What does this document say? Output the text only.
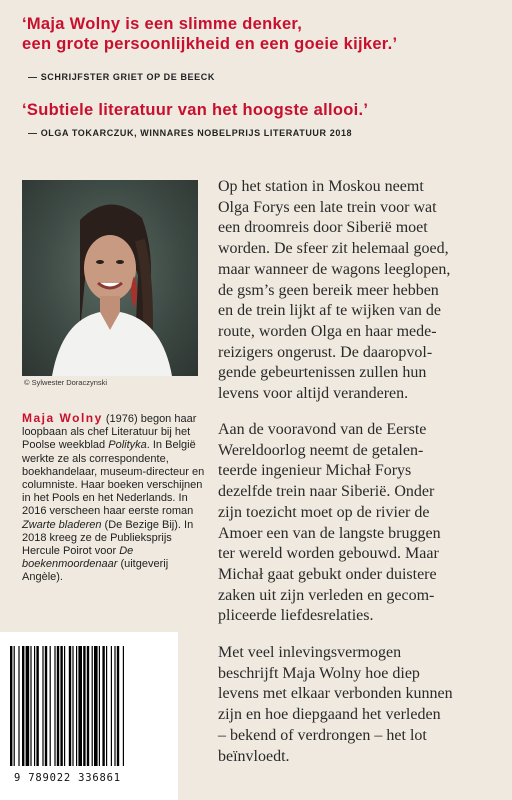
‘Maja Wolny is een slimme denker,
een grote persoonlijkheid en een goeie kijker.’
— SCHRIJFSTER GRIET OP DE BEECK
‘Subtiele literatuur van het hoogste allooi.’
— OLGA TOKARCZUK, WINNARES NOBELPRIJS LITERATUUR 2018
© Sylwester Doraczynski
Maja Wolny (1976) begon haar loopbaan als chef Literatuur bij het Poolse weekblad Polityka. In België werkte ze als correspondente, boekhandelaar, museum-directeur en columniste. Haar boeken verschijnen in het Pools en het Nederlands. In 2016 verscheen haar eerste roman Zwarte bladeren (De Bezige Bij). In 2018 kreeg ze de Publieksprijs Hercule Poirot voor De boekenmoordenaar (uitgeverij Angèle).
Op het station in Moskou neemt
Olga Forys een late trein voor wat
een droomreis door Siberië moet
worden. De sfeer zit helemaal goed,
maar wanneer de wagons leeglopen,
de gsm’s geen bereik meer hebben
en de trein lijkt af te wijken van de
route, worden Olga en haar mede-
reizigers ongerust. De daaropvol-
gende gebeurtenissen zullen hun
levens voor altijd veranderen.
Aan de vooravond van de Eerste
Wereldoorlog neemt de getalen-
teerde ingenieur Michał Forys
dezelfde trein naar Siberië. Onder
zijn toezicht moet op de rivier de
Amoer een van de langste bruggen
ter wereld worden gebouwd. Maar
Michał gaat gebukt onder duistere
zaken uit zijn verleden en gecom-
pliceerde liefdesrelaties.
Met veel inlevingsvermogen
beschrijft Maja Wolny hoe diep
levens met elkaar verbonden kunnen
zijn en hoe diepgaand het verleden
– bekend of verdrongen – het lot
beïnvloedt.
9 789022 336861
